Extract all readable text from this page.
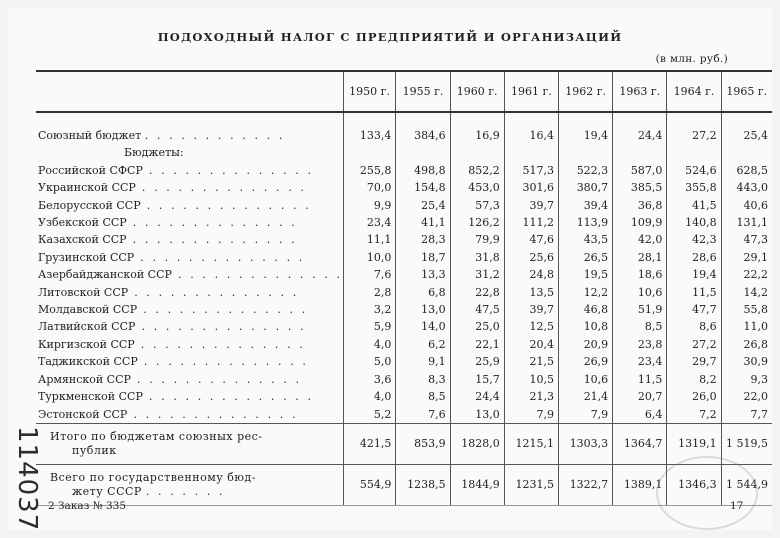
ПОДОХОДНЫЙ НАЛОГ С ПРЕДПРИЯТИЙ И ОРГАНИЗАЦИЙ
(в млн. руб.)
	1950 г.	1955 г.	1960 г.	1961 г.	1962 г.	1963 г.	1964 г.	1965 г.

Союзный бюджет . . . . . . . . . . . .	133,4	384,6	16,9	16,4	19,4	24,4	27,2	25,4
Бюджеты:								
Российской СФСР . . . . . . . . . . . . . .	255,8	498,8	852,2	517,3	522,3	587,0	524,6	628,5
Украинской ССР . . . . . . . . . . . . . .	70,0	154,8	453,0	301,6	380,7	385,5	355,8	443,0
Белорусской ССР . . . . . . . . . . . . . .	9,9	25,4	57,3	39,7	39,4	36,8	41,5	40,6
Узбекской ССР . . . . . . . . . . . . . .	23,4	41,1	126,2	111,2	113,9	109,9	140,8	131,1
Казахской ССР . . . . . . . . . . . . . .	11,1	28,3	79,9	47,6	43,5	42,0	42,3	47,3
Грузинской ССР . . . . . . . . . . . . . .	10,0	18,7	31,8	25,6	26,5	28,1	28,6	29,1
Азербайджанской ССР . . . . . . . . . . . . . .	7,6	13,3	31,2	24,8	19,5	18,6	19,4	22,2
Литовской ССР . . . . . . . . . . . . . .	2,8	6,8	22,8	13,5	12,2	10,6	11,5	14,2
Молдавской ССР . . . . . . . . . . . . . .	3,2	13,0	47,5	39,7	46,8	51,9	47,7	55,8
Латвийской ССР . . . . . . . . . . . . . .	5,9	14,0	25,0	12,5	10,8	8,5	8,6	11,0
Киргизской ССР . . . . . . . . . . . . . .	4,0	6,2	22,1	20,4	20,9	23,8	27,2	26,8
Таджикской ССР . . . . . . . . . . . . . .	5,0	9,1	25,9	21,5	26,9	23,4	29,7	30,9
Армянской ССР . . . . . . . . . . . . . .	3,6	8,3	15,7	10,5	10,6	11,5	8,2	9,3
Туркменской ССР . . . . . . . . . . . . . .	4,0	8,5	24,4	21,3	21,4	20,7	26,0	22,0
Эстонской ССР . . . . . . . . . . . . . .	5,2	7,6	13,0	7,9	7,9	6,4	7,2	7,7

Итого по бюджетам союзных рес-
публик	421,5	853,9	1828,0	1215,1	1303,3	1364,7	1319,1	1 519,5

Всего по государственному бюд-
жету СССР . . . . . . .	554,9	1238,5	1844,9	1231,5	1322,7	1389,1	1346,3	1 544,9
2 Заказ № 335	17
114037
